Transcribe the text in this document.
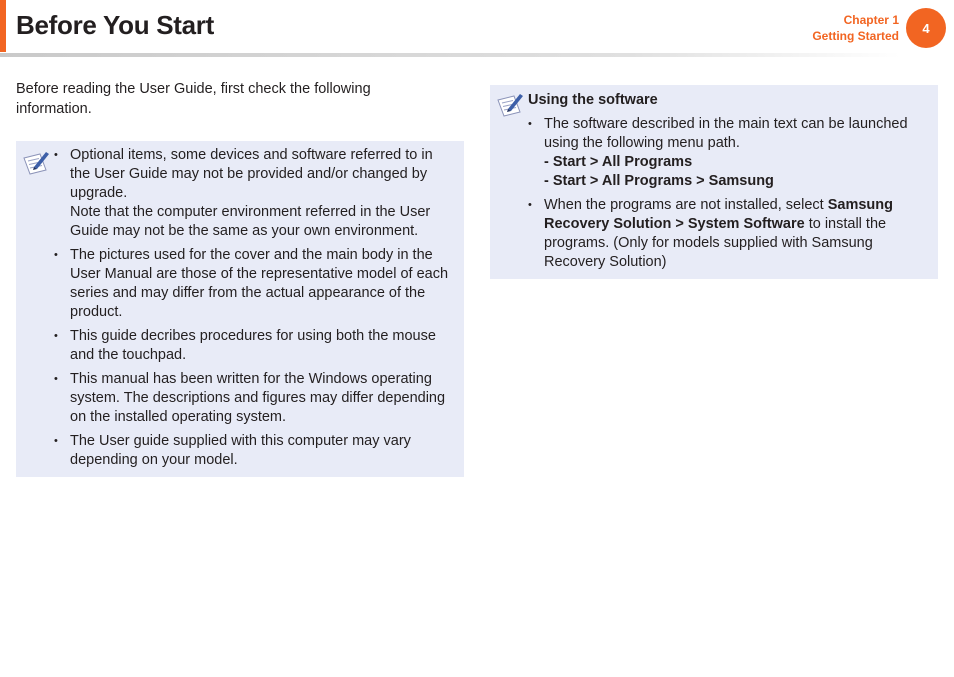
Before You Start	Chapter 1
Getting Started
4

Before reading the User Guide, first check the following information.

• Optional items, some devices and software referred to in the User Guide may not be provided and/or changed by upgrade.
Note that the computer environment referred in the User Guide may not be the same as your own environment.
• The pictures used for the cover and the main body in the User Manual are those of the representative model of each series and may differ from the actual appearance of the product.
• This guide decribes procedures for using both the mouse and the touchpad.
• This manual has been written for the Windows operating system. The descriptions and figures may differ depending on the installed operating system.
• The User guide supplied with this computer may vary depending on your model.
Using the software
• The software described in the main text can be launched using the following menu path.
- Start > All Programs
- Start > All Programs > Samsung
• When the programs are not installed, select Samsung Recovery Solution > System Software to install the programs. (Only for models supplied with Samsung Recovery Solution)
